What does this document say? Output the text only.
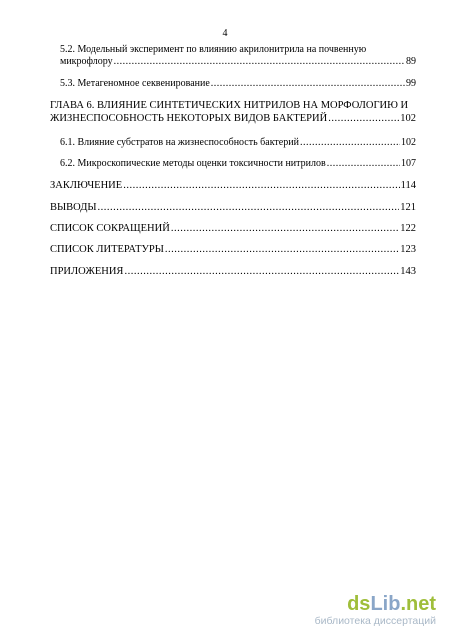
4
5.2. Модельный эксперимент по влиянию акрилонитрила на почвенную
микрофлору .....	89
5.3. Метагеномное секвенирование .....	99
ГЛАВА 6. ВЛИЯНИЕ СИНТЕТИЧЕСКИХ НИТРИЛОВ НА МОРФОЛОГИЮ И
ЖИЗНЕСПОСОБНОСТЬ НЕКОТОРЫХ ВИДОВ БАКТЕРИЙ .....	102
6.1. Влияние субстратов на жизнеспособность бактерий .....	102
6.2. Микроскопические методы оценки токсичности нитрилов .....	107
ЗАКЛЮЧЕНИЕ .....	114
ВЫВОДЫ .....	121
СПИСОК СОКРАЩЕНИЙ .....	122
СПИСОК ЛИТЕРАТУРЫ .....	123
ПРИЛОЖЕНИЯ .....	143
dsLib.net
библиотека диссертаций
